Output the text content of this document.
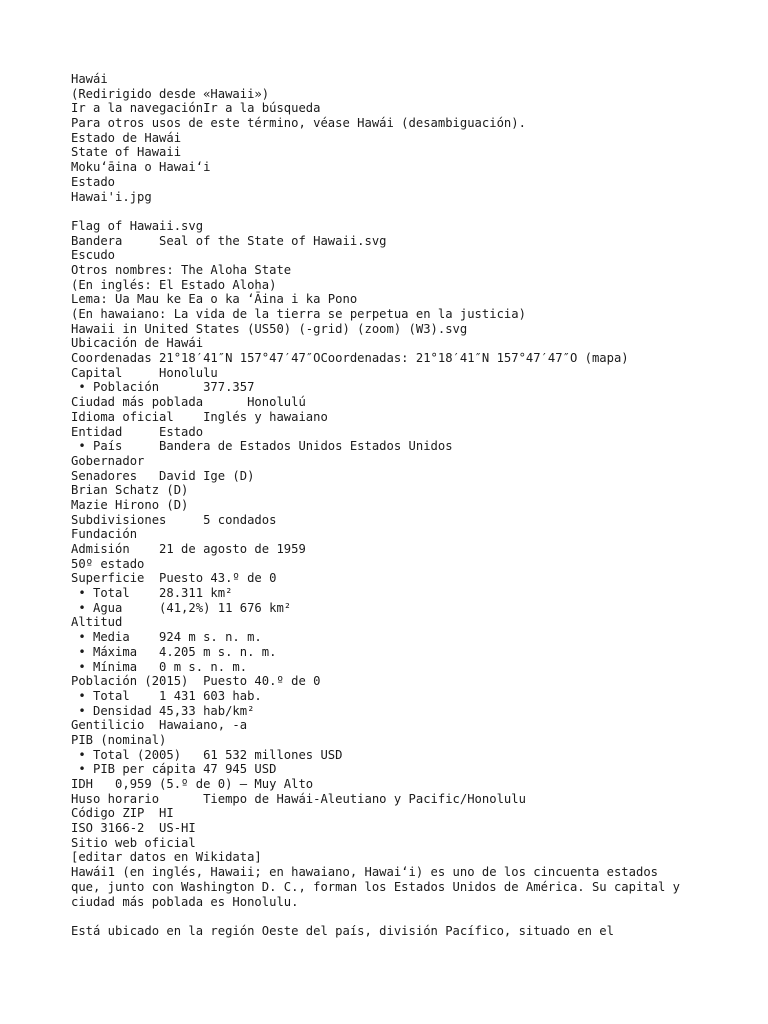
Hawái
(Redirigido desde «Hawaii»)
Ir a la navegaciónIr a la búsqueda
Para otros usos de este término, véase Hawái (desambiguación).
Estado de Hawái
State of Hawaii
Mokuʻāina o Hawaiʻi
Estado
Hawai'i.jpg
Flag of Hawaii.svg
Bandera     Seal of the State of Hawaii.svg
Escudo
Otros nombres: The Aloha State
(En inglés: El Estado Aloha)
Lema: Ua Mau ke Ea o ka ʻĀina i ka Pono
(En hawaiano: La vida de la tierra se perpetua en la justicia)
Hawaii in United States (US50) (-grid) (zoom) (W3).svg
Ubicación de Hawái
Coordenadas 21°18′41″N 157°47′47″OCoordenadas: 21°18′41″N 157°47′47″O (mapa)
Capital     Honolulu
• Población      377.357
Ciudad más poblada      Honolulú
Idioma oficial    Inglés y hawaiano
Entidad     Estado
• País     Bandera de Estados Unidos Estados Unidos
Gobernador
Senadores   David Ige (D)
Brian Schatz (D)
Mazie Hirono (D)
Subdivisiones     5 condados
Fundación
Admisión    21 de agosto de 1959
50º estado
Superficie  Puesto 43.º de 0
• Total    28.311 km²
• Agua     (41,2%) 11 676 km²
Altitud
• Media    924 m s. n. m.
• Máxima   4.205 m s. n. m.
• Mínima   0 m s. n. m.
Población (2015)  Puesto 40.º de 0
• Total    1 431 603 hab.
• Densidad 45,33 hab/km²
Gentilicio  Hawaiano, -a
PIB (nominal)
• Total (2005)   61 532 millones USD
• PIB per cápita 47 945 USD
IDH   0,959 (5.º de 0) – Muy Alto
Huso horario      Tiempo de Hawái-Aleutiano y Pacific/Honolulu
Código ZIP  HI
ISO 3166-2  US-HI
Sitio web oficial
[editar datos en Wikidata]
Hawái1 (en inglés, Hawaii; en hawaiano, Hawaiʻi) es uno de los cincuenta estados
que, junto con Washington D. C., forman los Estados Unidos de América. Su capital y
ciudad más poblada es Honolulu.
Está ubicado en la región Oeste del país, división Pacífico, situado en el
